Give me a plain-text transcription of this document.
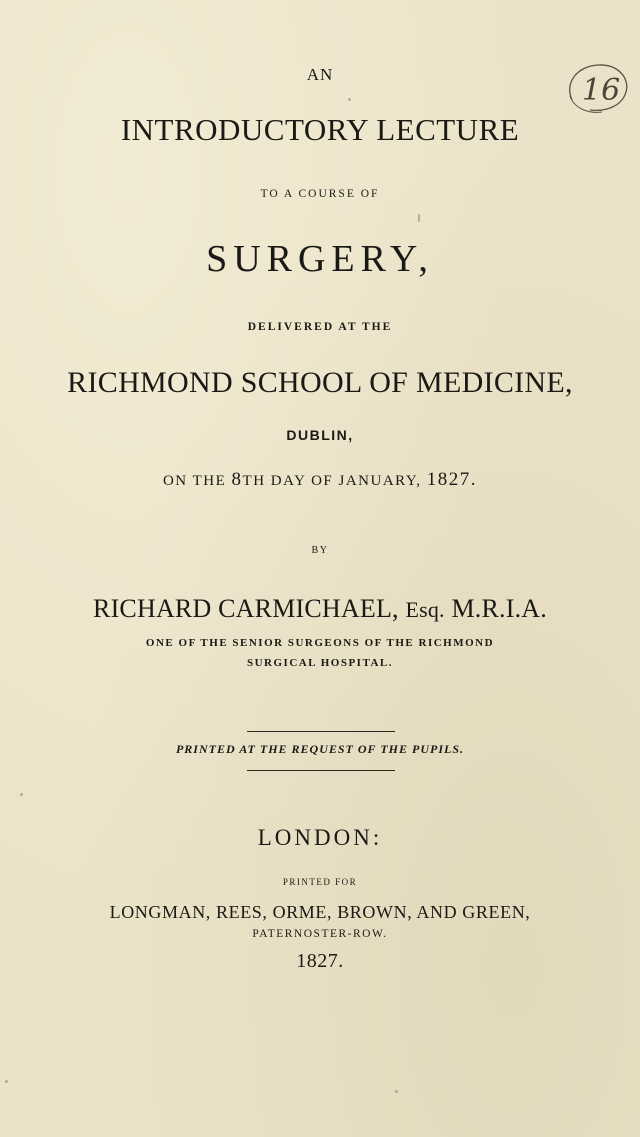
AN	16
INTRODUCTORY LECTURE
TO A COURSE OF
SURGERY,
DELIVERED AT THE
RICHMOND SCHOOL OF MEDICINE,
DUBLIN,
ON THE 8TH DAY OF JANUARY, 1827.
BY
RICHARD CARMICHAEL, Esq. M.R.I.A.
ONE OF THE SENIOR SURGEONS OF THE RICHMOND
SURGICAL HOSPITAL.
PRINTED AT THE REQUEST OF THE PUPILS.
LONDON:
PRINTED FOR
LONGMAN, REES, ORME, BROWN, AND GREEN,
PATERNOSTER-ROW.
1827.
